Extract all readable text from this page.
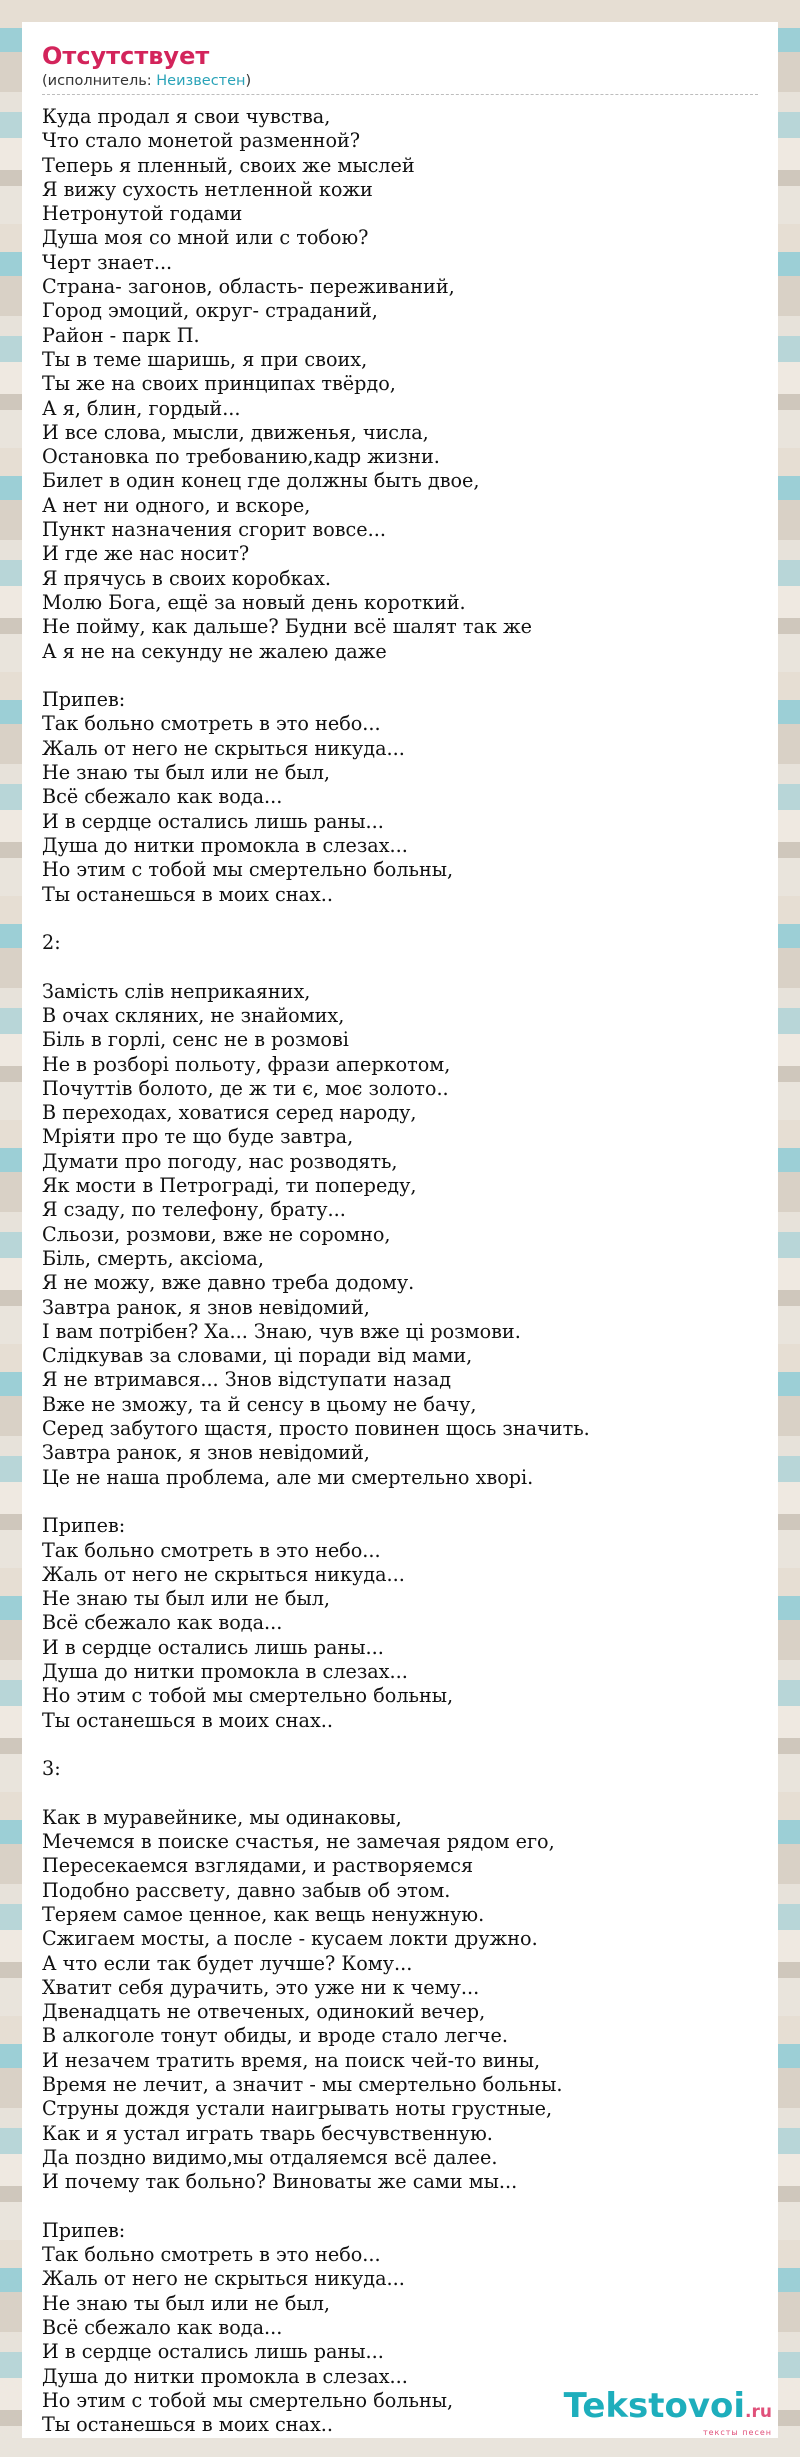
Отсутствует
(исполнитель: Неизвестен)
Куда продал я свои чувства,
Что стало монетой разменной?
Теперь я пленный, своих же мыслей
Я вижу сухость нетленной кожи
Нетронутой годами
Душа моя со мной или с тобою?
Черт знает...
Страна- загонов, область- переживаний,
Город эмоций, округ- страданий,
Район - парк П.
Ты в теме шаришь, я при своих,
Ты же на своих принципах твёрдо,
А я, блин, гордый...
И все слова, мысли, движенья, числа,
Остановка по требованию,кадр жизни.
Билет в один конец где должны быть двое,
А нет ни одного, и вскоре,
Пункт назначения сгорит вовсе...
И где же нас носит?
Я прячусь в своих коробках.
Молю Бога, ещё за новый день короткий.
Не пойму, как дальше? Будни всё шалят так же
А я не на секунду не жалею даже

Припев:
Так больно смотреть в это небо...
Жаль от него не скрыться никуда...
Не знаю ты был или не был,
Всё сбежало как вода...
И в сердце остались лишь раны...
Душа до нитки промокла в слезах...
Но этим с тобой мы смертельно больны,
Ты останешься в моих снах..

2:

Замість слів неприкаяних,
В очах скляних, не знайомих,
Біль в горлі, сенс не в розмові
Не в розборі польоту, фрази аперкотом,
Почуттів болото, де ж ти є, моє золото..
В переходах, ховатися серед народу,
Мріяти про те що буде завтра,
Думати про погоду, нас розводять,
Як мости в Петрограді, ти попереду,
Я сзаду, по телефону, брату...
Сльози, розмови, вже не соромно,
Біль, смерть, аксіома,
Я не можу, вже давно треба додому.
Завтра ранок, я знов невідомий,
І вам потрібен? Ха... Знаю, чув вже ці розмови.
Слідкував за словами, ці поради від мами,
Я не втримався... Знов відступати назад
Вже не зможу, та й сенсу в цьому не бачу,
Серед забутого щастя, просто повинен щось значить.
Завтра ранок, я знов невідомий,
Це не наша проблема, але ми смертельно хворі.

Припев:
Так больно смотреть в это небо...
Жаль от него не скрыться никуда...
Не знаю ты был или не был,
Всё сбежало как вода...
И в сердце остались лишь раны...
Душа до нитки промокла в слезах...
Но этим с тобой мы смертельно больны,
Ты останешься в моих снах..

3:

Как в муравейнике, мы одинаковы,
Мечемся в поиске счастья, не замечая рядом его,
Пересекаемся взглядами, и растворяемся
Подобно рассвету, давно забыв об этом.
Теряем самое ценное, как вещь ненужную.
Сжигаем мосты, а после - кусаем локти дружно.
А что если так будет лучше? Кому...
Хватит себя дурачить, это уже ни к чему...
Двенадцать не отвеченых, одинокий вечер,
В алкоголе тонут обиды, и вроде стало легче.
И незачем тратить время, на поиск чей-то вины,
Время не лечит, а значит - мы смертельно больны.
Струны дождя устали наигрывать ноты грустные,
Как и я устал играть тварь бесчувственную.
Да поздно видимо,мы отдаляемся всё далее.
И почему так больно? Виноваты же сами мы...

Припев:
Так больно смотреть в это небо...
Жаль от него не скрыться никуда...
Не знаю ты был или не был,
Всё сбежало как вода...
И в сердце остались лишь раны...
Душа до нитки промокла в слезах...
Но этим с тобой мы смертельно больны,
Ты останешься в моих снах..	Tekstovoi.ru
тексты песен
